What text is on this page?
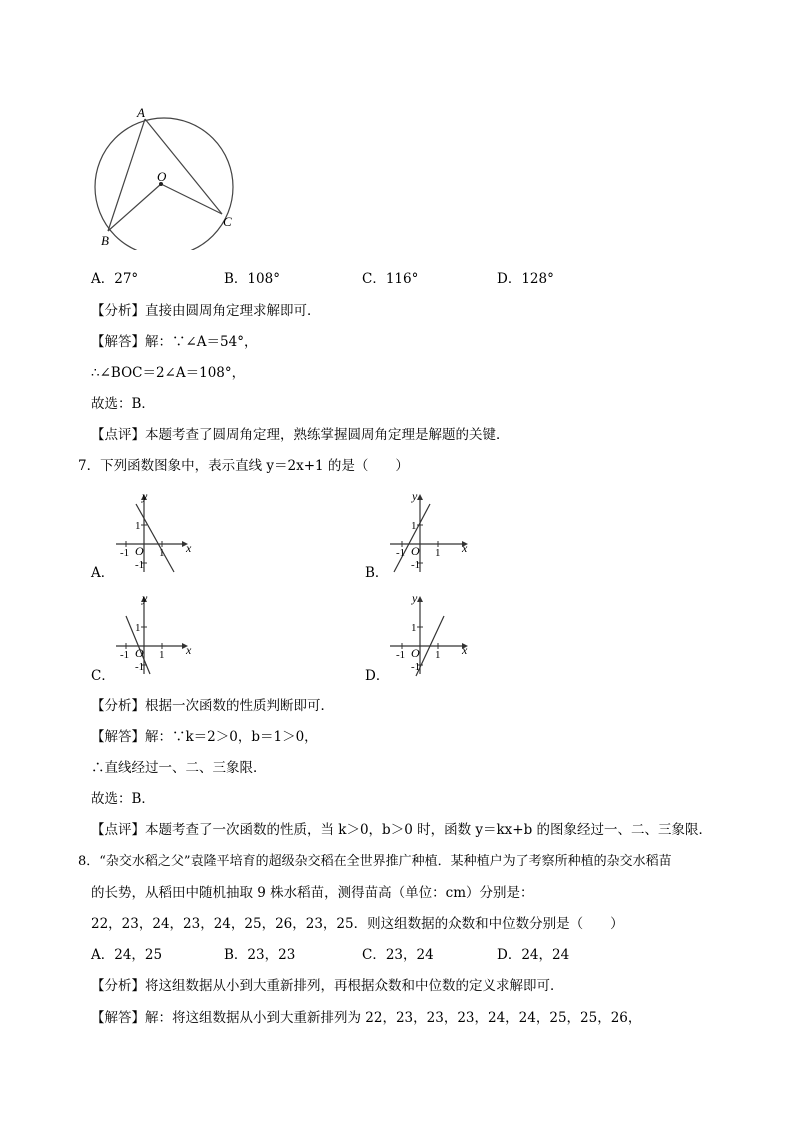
A
O
B
C
A．27°	B．108°	C．116°	D．128°
【分析】直接由圆周角定理求解即可．
【解答】解：∵∠A＝54°，
∴∠BOC＝2∠A＝108°，
故选：B．
【点评】本题考查了圆周角定理，熟练掌握圆周角定理是解题的关键．
7．下列函数图象中，表示直线 y＝2x+1 的是（　　）
y
x
1
-1
-1	1
O
A．
y
x
1
-1
-1	1
O
B．
y
x
1
-1
-1	1
O
C．
y
x
1
-1
-1	1
O
D．
【分析】根据一次函数的性质判断即可．
【解答】解：∵k＝2＞0，b＝1＞0，
∴直线经过一、二、三象限．
故选：B．
【点评】本题考查了一次函数的性质，当 k＞0，b＞0 时，函数 y＝kx+b 的图象经过一、二、三象限．
8．“杂交水稻之父”袁隆平培育的超级杂交稻在全世界推广种植．某种植户为了考察所种植的杂交水稻苗
的长势，从稻田中随机抽取 9 株水稻苗，测得苗高（单位：cm）分别是：
22，23，24，23，24，25，26，23，25．则这组数据的众数和中位数分别是（　　）
A．24，25	B．23，23	C．23，24	D．24，24
【分析】将这组数据从小到大重新排列，再根据众数和中位数的定义求解即可．
【解答】解：将这组数据从小到大重新排列为 22，23，23，23，24，24，25，25，26，
